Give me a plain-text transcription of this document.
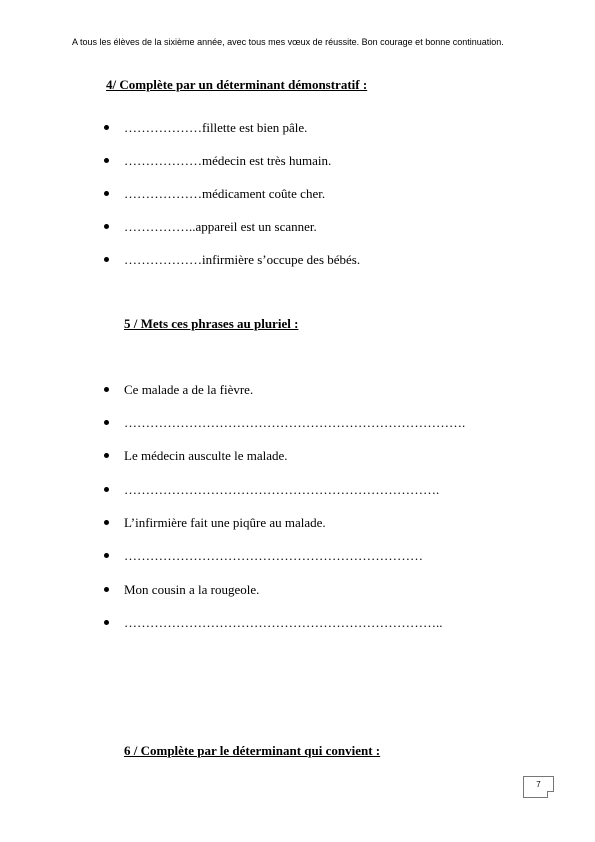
A tous les élèves de la sixième année, avec tous mes vœux de réussite. Bon courage et bonne continuation.
4/ Complète par un déterminant démonstratif :
………………fillette est bien pâle.
………………médecin est très humain.
………………médicament coûte cher.
……………..appareil est un scanner.
………………infirmière s’occupe des bébés.
5 / Mets ces phrases au pluriel :
Ce malade a de la fièvre.
…………………………………………………………………….
Le médecin ausculte le malade.
……………………………………………………………….
L’infirmière fait une piqûre au malade.
……………………………………………………………
Mon cousin a la rougeole.
………………………………………………………………..
6 / Complète par le déterminant qui convient :
7
